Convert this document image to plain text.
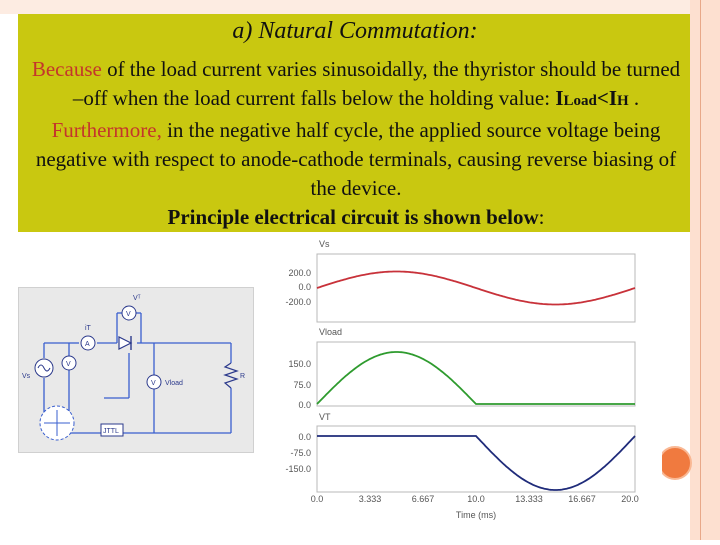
a) Natural Commutation:
Because of the load current varies sinusoidally, the thyristor should be turned –off when the load current falls below the holding value: ILoad<IH . Furthermore, in the negative half cycle, the applied source voltage being negative with respect to anode-cathode terminals, causing reverse biasing of the device.
Principle electrical circuit is shown below:
Vᵀ
V
iT
A
Vs
V
V Vload
R
JTTL
Vs
Vload
VT
200.0
0.0
-200.0
150.0
75.0
0.0
0.0
-75.0
-150.0
0.0	3.333	6.667	10.0	13.333	16.667	20.0
Time (ms)
